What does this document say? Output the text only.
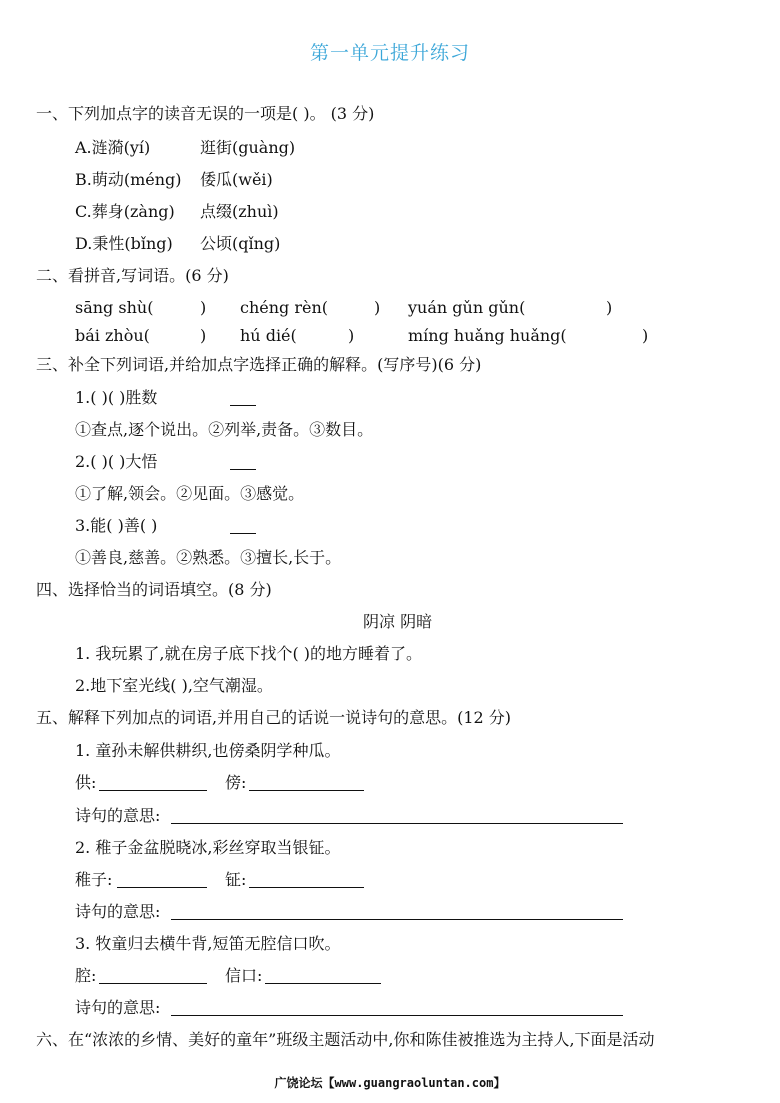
第一单元提升练习
一、下列加点字的读音无误的一项是( )。 (3 分)
A.涟漪(yí)	逛街(guàng)
B.萌动(méng) 倭瓜(wěi)
C.葬身(zàng) 点缀(zhuì)
D.秉性(bǐng) 公顷(qǐng)
二、看拼音,写词语。(6 分)
sāng shù(	) chéng rèn(	) yuán gǔn gǔn(	)
bái zhòu(	) hú dié(	)	míng huǎng huǎng(	)
三、补全下列词语,并给加点字选择正确的解释。(写序号)(6 分)
1.( )( )胜数
①查点,逐个说出。②列举,责备。③数目。
2.( )( )大悟
①了解,领会。②见面。③感觉。
3.能( )善( )
①善良,慈善。②熟悉。③擅长,长于。
四、选择恰当的词语填空。(8 分)
阴凉 阴暗
1. 我玩累了,就在房子底下找个( )的地方睡着了。
2.地下室光线( ),空气潮湿。
五、解释下列加点的词语,并用自己的话说一说诗句的意思。(12 分)
1. 童孙未解供耕织,也傍桑阴学种瓜。
供:	傍:
诗句的意思:
2. 稚子金盆脱晓冰,彩丝穿取当银钲。
稚子:	钲:
诗句的意思:
3. 牧童归去横牛背,短笛无腔信口吹。
腔:	信口:
诗句的意思:
六、在“浓浓的乡情、美好的童年”班级主题活动中,你和陈佳被推选为主持人,下面是活动
广饶论坛【www.guangraoluntan.com】
